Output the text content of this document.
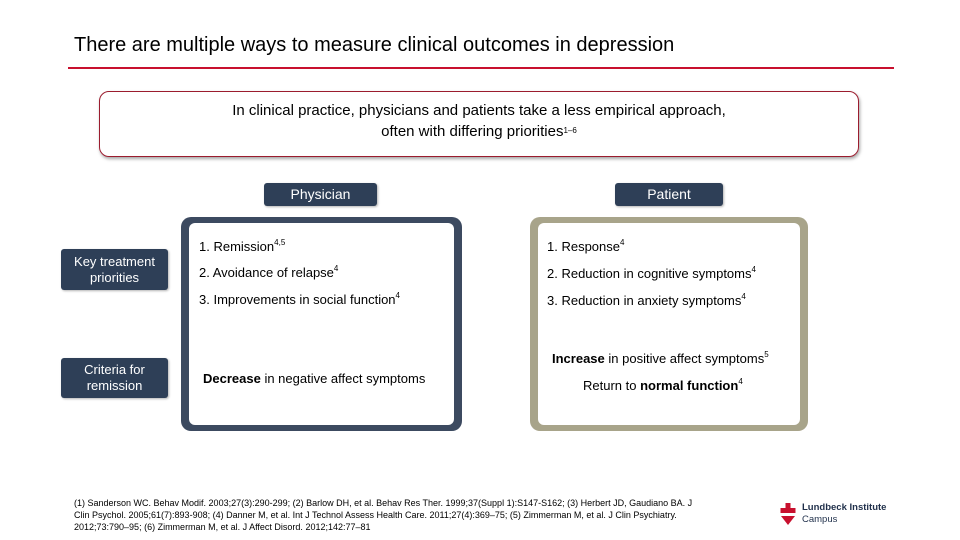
There are multiple ways to measure clinical outcomes in depression
In clinical practice, physicians and patients take a less empirical approach,
often with differing priorities$^{1-6}$
Physician	Patient
Key treatment priorities
Criteria for remission
1. Remission$^{4,5}$
2. Avoidance of relapse$^4$
3. Improvements in social function$^4$
Decrease in negative affect symptoms
1. Response$^4$
2. Reduction in cognitive symptoms$^4$
3. Reduction in anxiety symptoms$^4$
Increase in positive affect symptoms$^5$
Return to normal function$^4$
(1) Sanderson WC. Behav Modif. 2003;27(3):290-299; (2) Barlow DH, et al. Behav Res Ther. 1999;37(Suppl 1):S147-S162; (3) Herbert JD, Gaudiano BA. J
Clin Psychol. 2005;61(7):893-908; (4) Danner M, et al. Int J Technol Assess Health Care. 2011;27(4):369–75; (5) Zimmerman M, et al. J Clin Psychiatry.
2012;73:790–95; (6) Zimmerman M, et al. J Affect Disord. 2012;142:77–81
Lundbeck Institute
Campus
